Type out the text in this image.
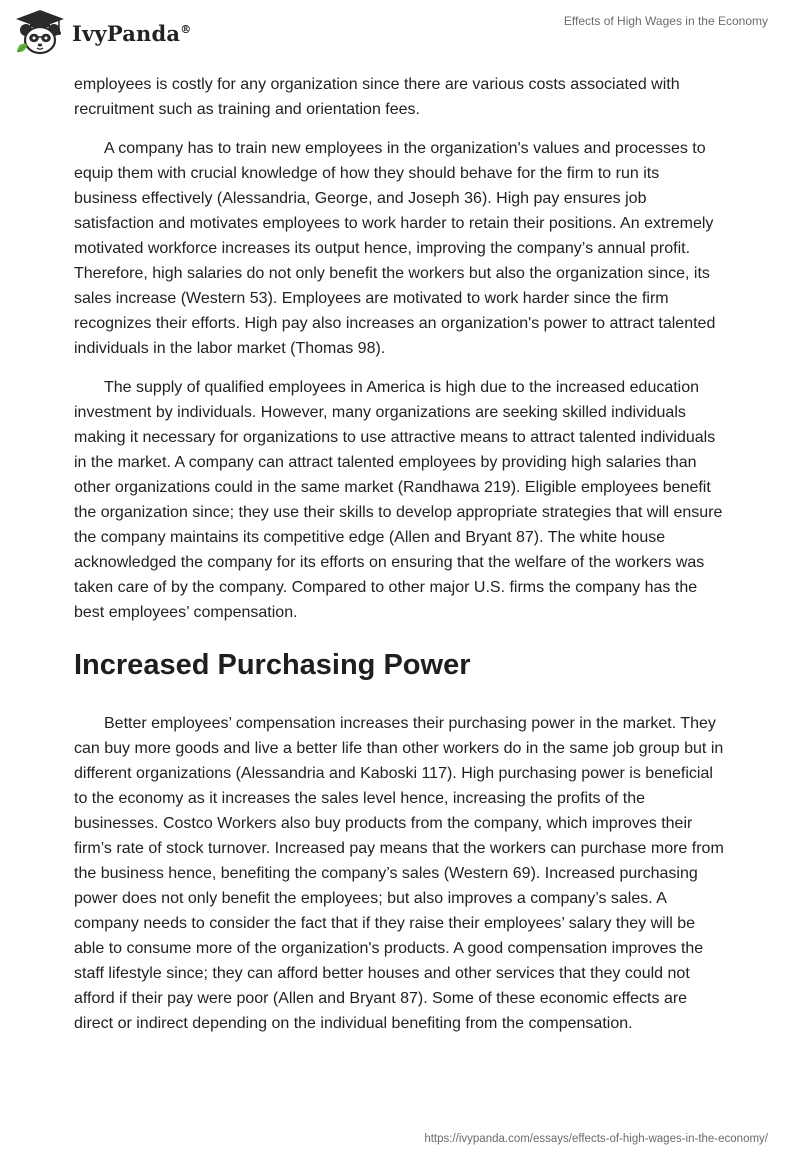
IvyPanda®
Effects of High Wages in the Economy

employees is costly for any organization since there are various costs associated with recruitment such as training and orientation fees.

A company has to train new employees in the organization's values and processes to equip them with crucial knowledge of how they should behave for the firm to run its business effectively (Alessandria, George, and Joseph 36). High pay ensures job satisfaction and motivates employees to work harder to retain their positions. An extremely motivated workforce increases its output hence, improving the company’s annual profit. Therefore, high salaries do not only benefit the workers but also the organization since, its sales increase (Western 53). Employees are motivated to work harder since the firm recognizes their efforts. High pay also increases an organization's power to attract talented individuals in the labor market (Thomas 98).

The supply of qualified employees in America is high due to the increased education investment by individuals. However, many organizations are seeking skilled individuals making it necessary for organizations to use attractive means to attract talented individuals in the market. A company can attract talented employees by providing high salaries than other organizations could in the same market (Randhawa 219). Eligible employees benefit the organization since; they use their skills to develop appropriate strategies that will ensure the company maintains its competitive edge (Allen and Bryant 87). The white house acknowledged the company for its efforts on ensuring that the welfare of the workers was taken care of by the company. Compared to other major U.S. firms the company has the best employees’ compensation.

Increased Purchasing Power

Better employees’ compensation increases their purchasing power in the market. They can buy more goods and live a better life than other workers do in the same job group but in different organizations (Alessandria and Kaboski 117). High purchasing power is beneficial to the economy as it increases the sales level hence, increasing the profits of the businesses. Costco Workers also buy products from the company, which improves their firm’s rate of stock turnover. Increased pay means that the workers can purchase more from the business hence, benefiting the company’s sales (Western 69). Increased purchasing power does not only benefit the employees; but also improves a company’s sales. A company needs to consider the fact that if they raise their employees’ salary they will be able to consume more of the organization's products. A good compensation improves the staff lifestyle since; they can afford better houses and other services that they could not afford if their pay were poor (Allen and Bryant 87). Some of these economic effects are direct or indirect depending on the individual benefiting from the compensation.

https://ivypanda.com/essays/effects-of-high-wages-in-the-economy/
